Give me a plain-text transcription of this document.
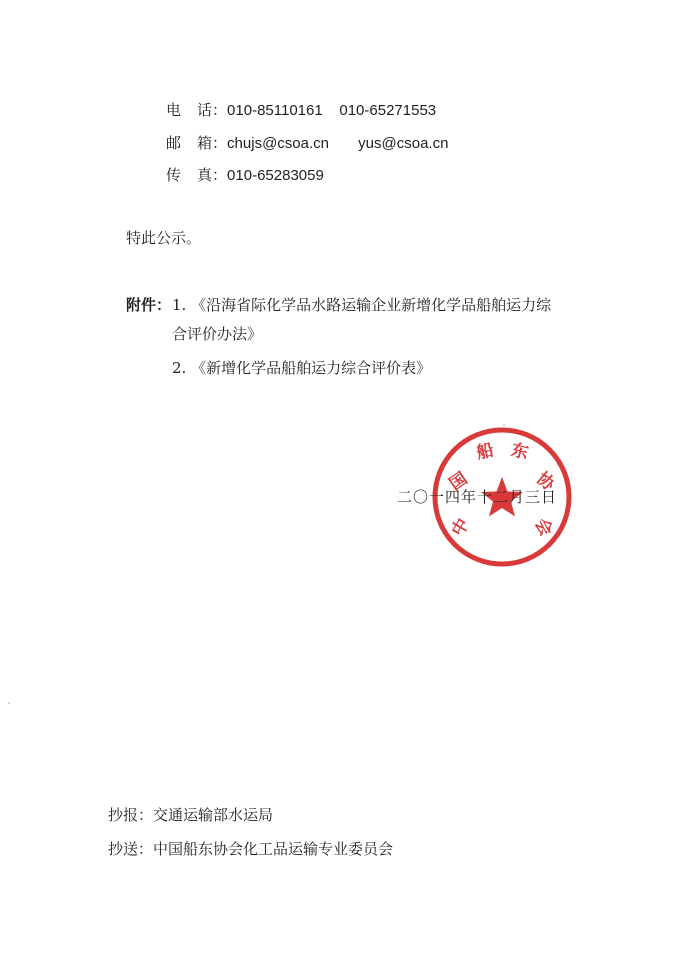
电 话：010-85110161    010-65271553
邮 箱：chujs@csoa.cn       yus@csoa.cn
传 真：010-65283059
特此公示。
附件： 1. 《沿海省际化学品水路运输企业新增化学品船舶运力综
合评价办法》
2. 《新增化学品船舶运力综合评价表》
中
国
船 东
协
会
二〇一四年十二月三日
抄报：交通运输部水运局
抄送：中国船东协会化工品运输专业委员会
